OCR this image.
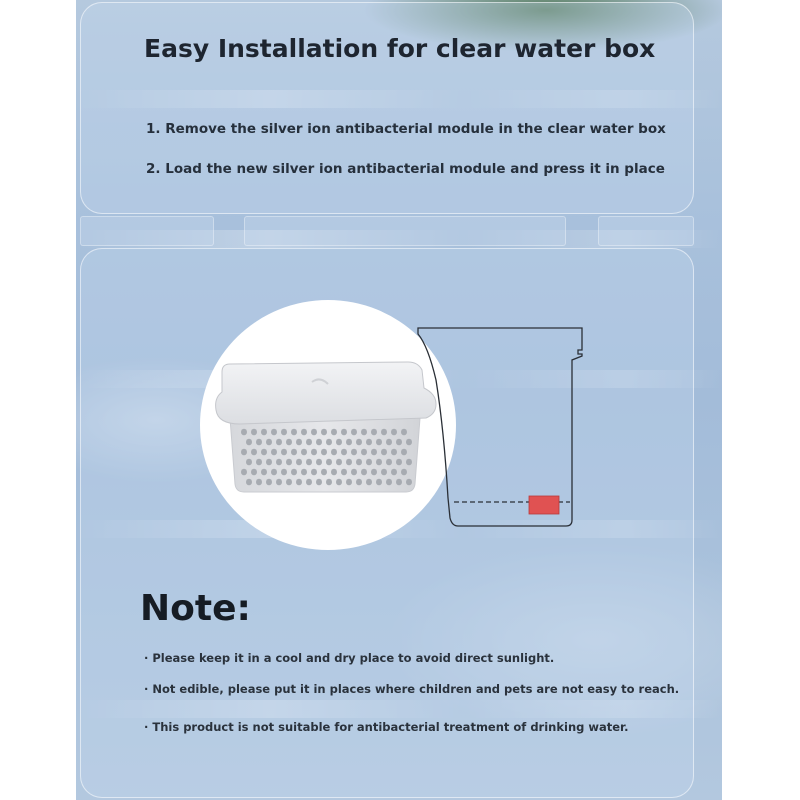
Easy Installation for clear water box

1. Remove the silver ion antibacterial module in the clear water box

2. Load the new silver ion antibacterial module and press it in place

Note:

· Please keep it in a cool and dry place to avoid direct sunlight.

· Not edible, please put it in places where children and pets are not easy to reach.

· This product is not suitable for antibacterial treatment of drinking water.
